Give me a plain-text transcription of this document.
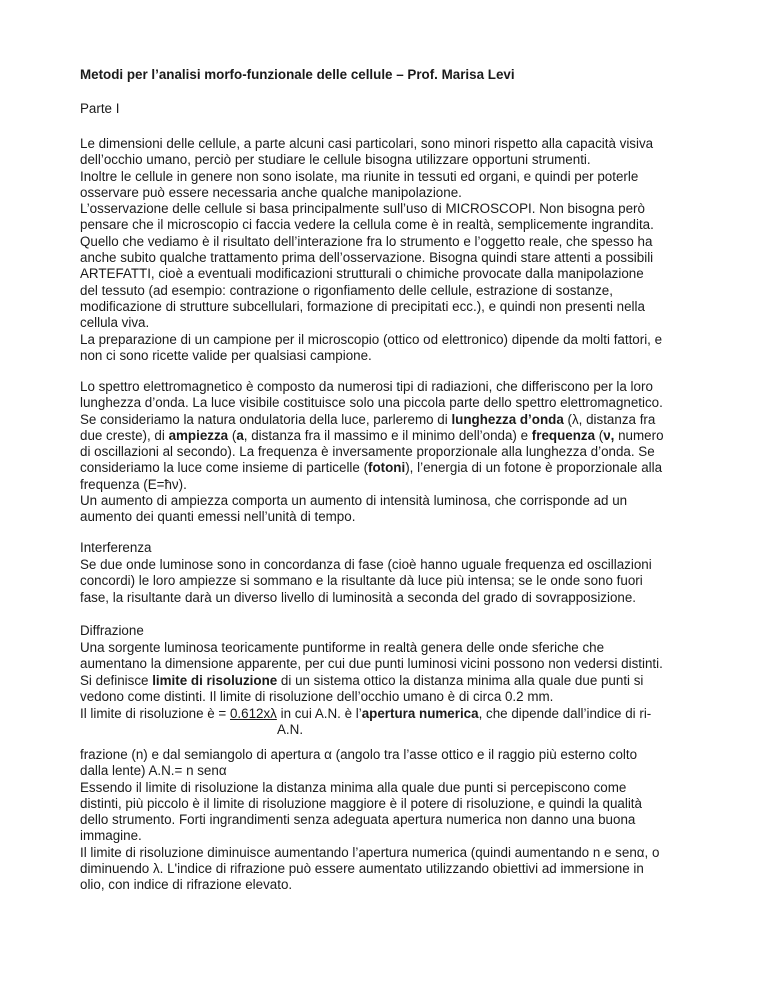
Metodi per l’analisi morfo-funzionale delle cellule – Prof. Marisa Levi
Parte I
Le dimensioni delle cellule, a parte alcuni casi particolari, sono minori rispetto alla capacità visiva
dell’occhio umano, perciò per studiare le cellule bisogna utilizzare opportuni strumenti.
Inoltre le cellule in genere non sono isolate, ma riunite in tessuti ed organi, e quindi per poterle
osservare può essere necessaria anche qualche manipolazione.
L’osservazione delle cellule si basa principalmente sull’uso di MICROSCOPI. Non bisogna però
pensare che il microscopio ci faccia vedere la cellula come è in realtà, semplicemente ingrandita.
Quello che vediamo è il risultato dell’interazione fra lo strumento e l’oggetto reale, che spesso ha
anche subito qualche trattamento prima dell’osservazione. Bisogna quindi stare attenti a possibili
ARTEFATTI, cioè a eventuali modificazioni strutturali o chimiche provocate dalla manipolazione
del tessuto (ad esempio: contrazione o rigonfiamento delle cellule, estrazione di sostanze,
modificazione di strutture subcellulari, formazione di precipitati ecc.), e quindi non presenti nella
cellula viva.
La preparazione di un campione per il microscopio (ottico od elettronico) dipende da molti fattori, e
non ci sono ricette valide per qualsiasi campione.
Lo spettro elettromagnetico è composto da numerosi tipi di radiazioni, che differiscono per la loro
lunghezza d’onda. La luce visibile costituisce solo una piccola parte dello spettro elettromagnetico.
Se consideriamo la natura ondulatoria della luce, parleremo di lunghezza d’onda (λ, distanza fra
due creste), di ampiezza (a, distanza fra il massimo e il minimo dell’onda) e frequenza (ν, numero
di oscillazioni al secondo). La frequenza è inversamente proporzionale alla lunghezza d’onda. Se
consideriamo la luce come insieme di particelle (fotoni), l’energia di un fotone è proporzionale alla
frequenza (E=ħν).
Un aumento di ampiezza comporta un aumento di intensità luminosa, che corrisponde ad un
aumento dei quanti emessi nell’unità di tempo.
Interferenza
Se due onde luminose sono in concordanza di fase (cioè hanno uguale frequenza ed oscillazioni
concordi) le loro ampiezze si sommano e la risultante dà luce più intensa; se le onde sono fuori
fase, la risultante darà un diverso livello di luminosità a seconda del grado di sovrapposizione.
Diffrazione
Una sorgente luminosa teoricamente puntiforme in realtà genera delle onde sferiche che
aumentano la dimensione apparente, per cui due punti luminosi vicini possono non vedersi distinti.
Si definisce limite di risoluzione di un sistema ottico la distanza minima alla quale due punti si
vedono come distinti. Il limite di risoluzione dell’occhio umano è di circa 0.2 mm.
Il limite di risoluzione è = 0.612xλ in cui A.N. è l’apertura numerica, che dipende dall’indice di ri-
A.N.
frazione (n) e dal semiangolo di apertura α (angolo tra l’asse ottico e il raggio più esterno colto
dalla lente) A.N.= n senα
Essendo il limite di risoluzione la distanza minima alla quale due punti si percepiscono come
distinti, più piccolo è il limite di risoluzione maggiore è il potere di risoluzione, e quindi la qualità
dello strumento. Forti ingrandimenti senza adeguata apertura numerica non danno una buona
immagine.
Il limite di risoluzione diminuisce aumentando l’apertura numerica (quindi aumentando n e senα, o
diminuendo λ. L'indice di rifrazione può essere aumentato utilizzando obiettivi ad immersione in
olio, con indice di rifrazione elevato.
